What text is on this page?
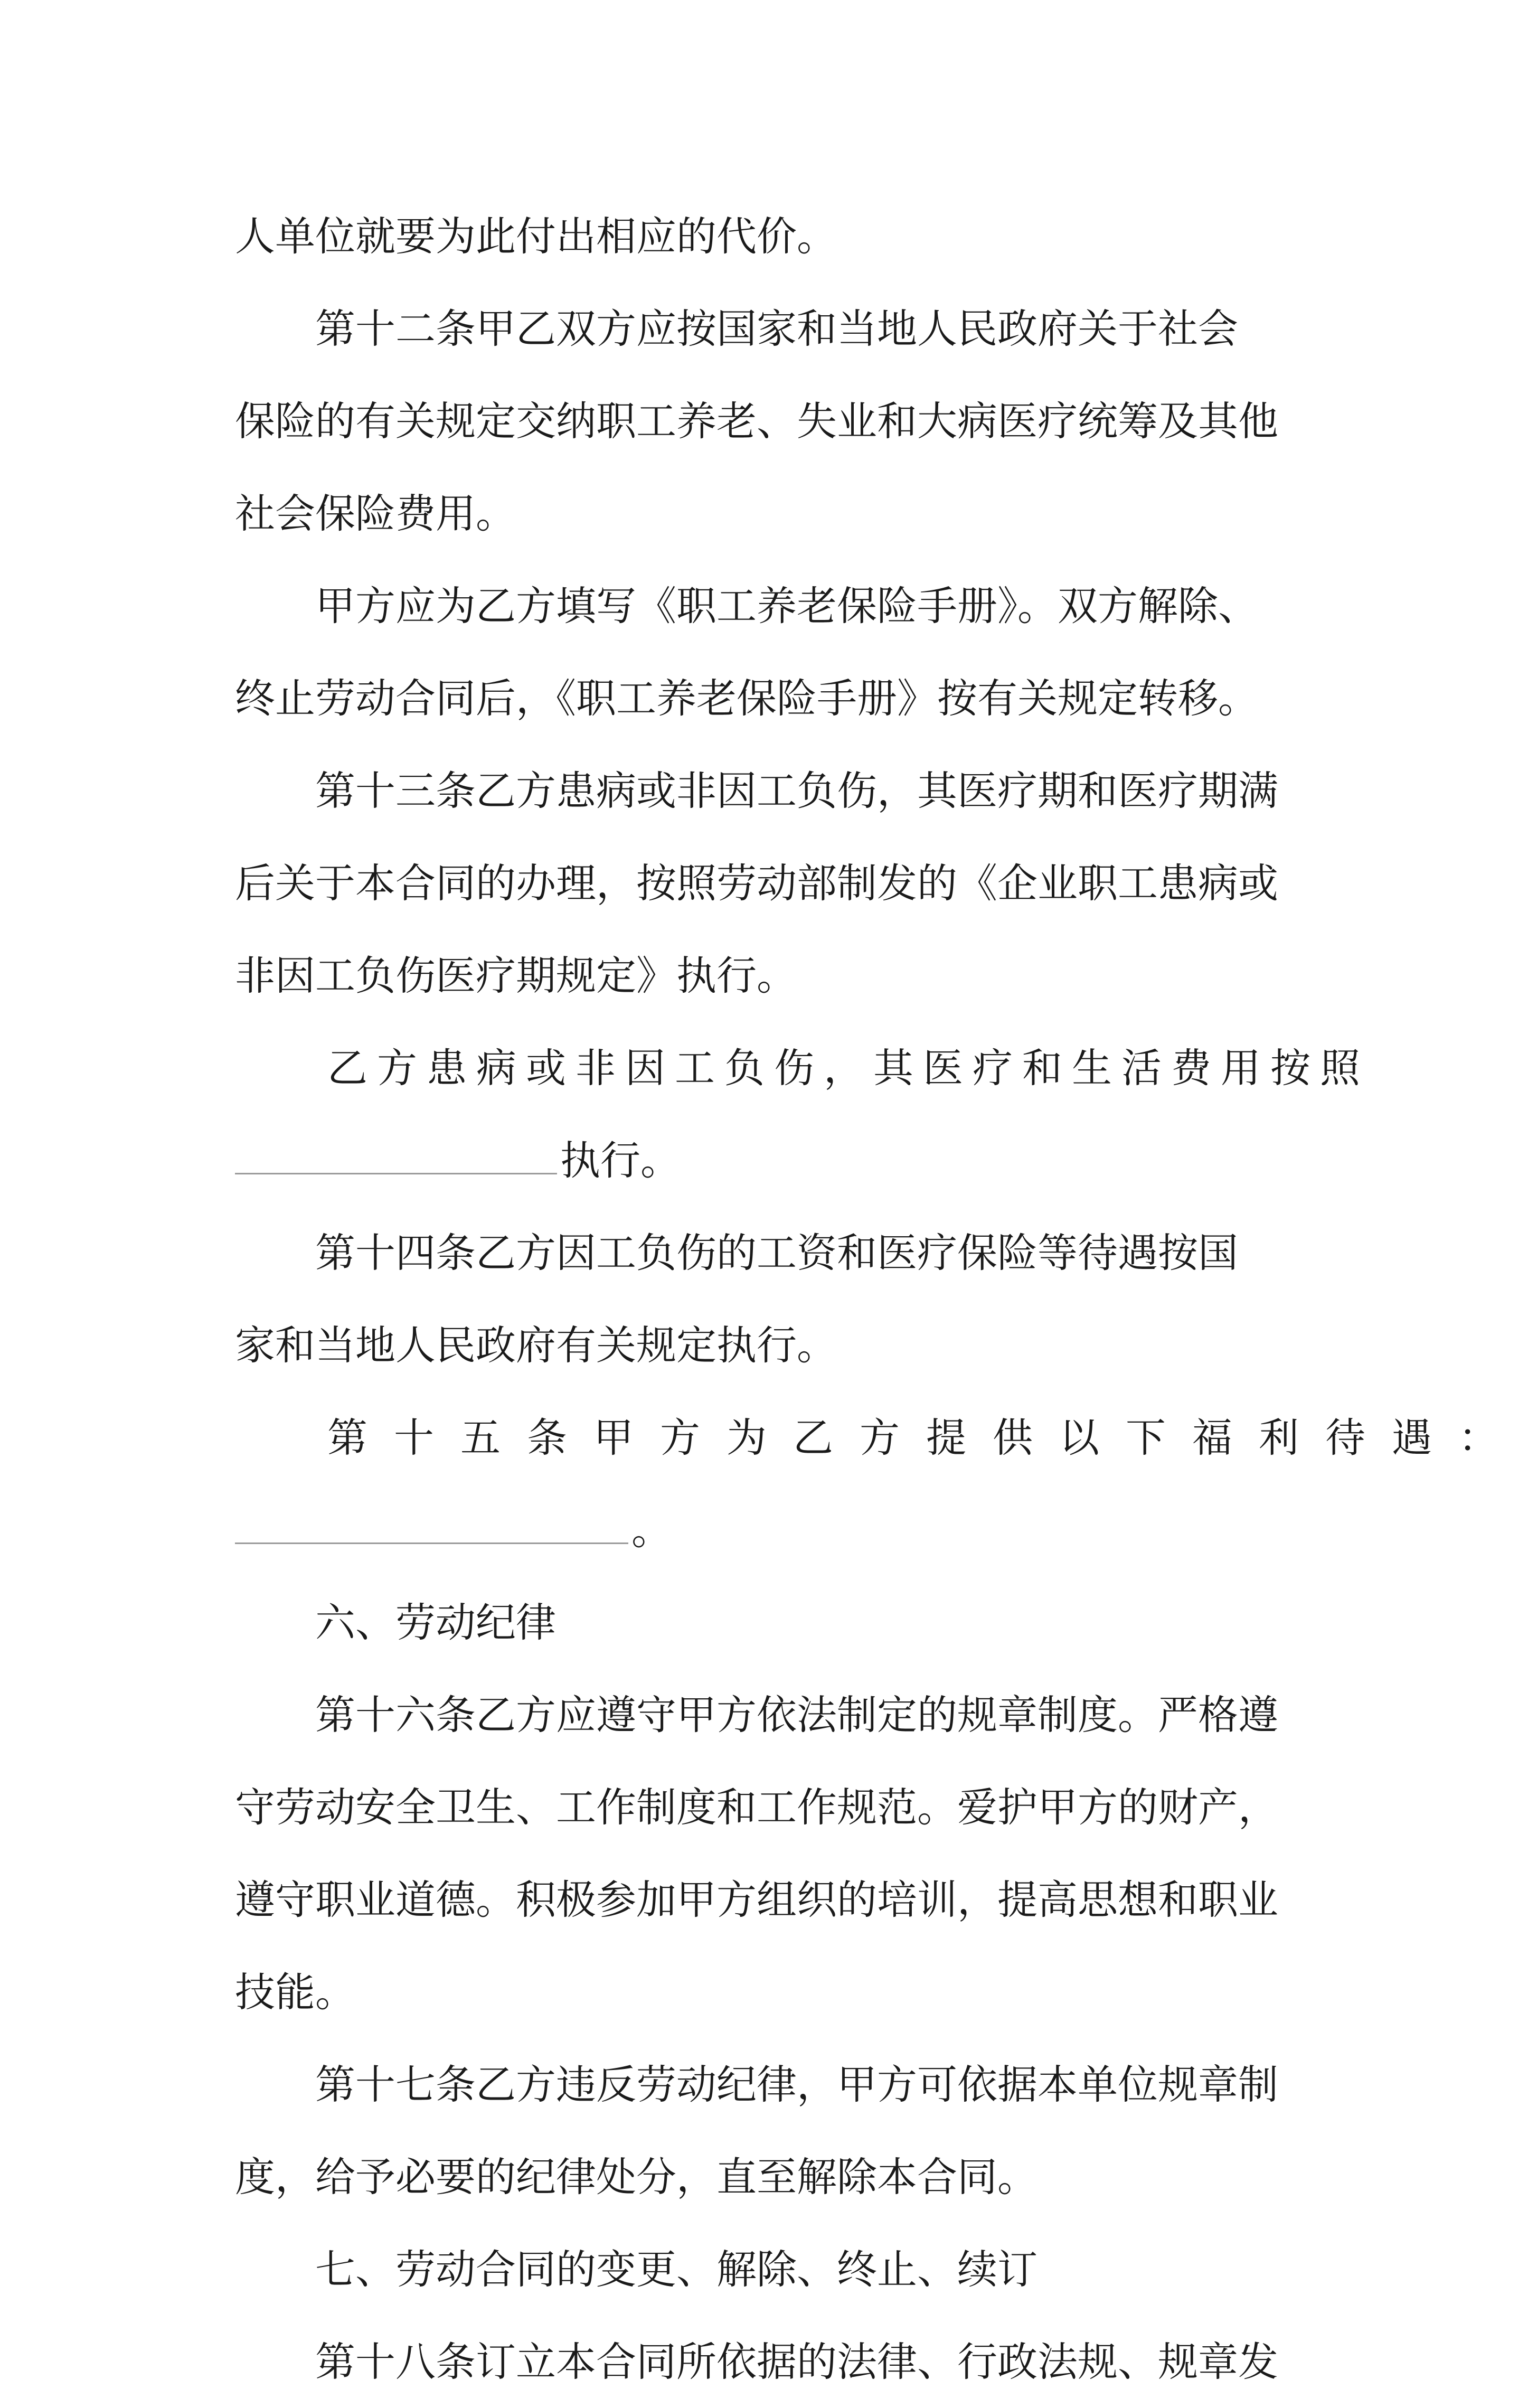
人单位就要为此付出相应的代价。
第十二条甲乙双方应按国家和当地人民政府关于社会
保险的有关规定交纳职工养老、失业和大病医疗统筹及其他
社会保险费用。
甲方应为乙方填写《职工养老保险手册》。双方解除、
终止劳动合同后，《职工养老保险手册》按有关规定转移。
第十三条乙方患病或非因工负伤，其医疗期和医疗期满
后关于本合同的办理，按照劳动部制发的《企业职工患病或
非因工负伤医疗期规定》执行。
乙方患病或非因工负伤，其医疗和生活费用按照
执行。
第十四条乙方因工负伤的工资和医疗保险等待遇按国
家和当地人民政府有关规定执行。
第十五条甲方为乙方提供以下福利待遇：
。
六、劳动纪律
第十六条乙方应遵守甲方依法制定的规章制度。严格遵
守劳动安全卫生、工作制度和工作规范。爱护甲方的财产，
遵守职业道德。积极参加甲方组织的培训，提高思想和职业
技能。
第十七条乙方违反劳动纪律，甲方可依据本单位规章制
度，给予必要的纪律处分，直至解除本合同。
七、劳动合同的变更、解除、终止、续订
第十八条订立本合同所依据的法律、行政法规、规章发
